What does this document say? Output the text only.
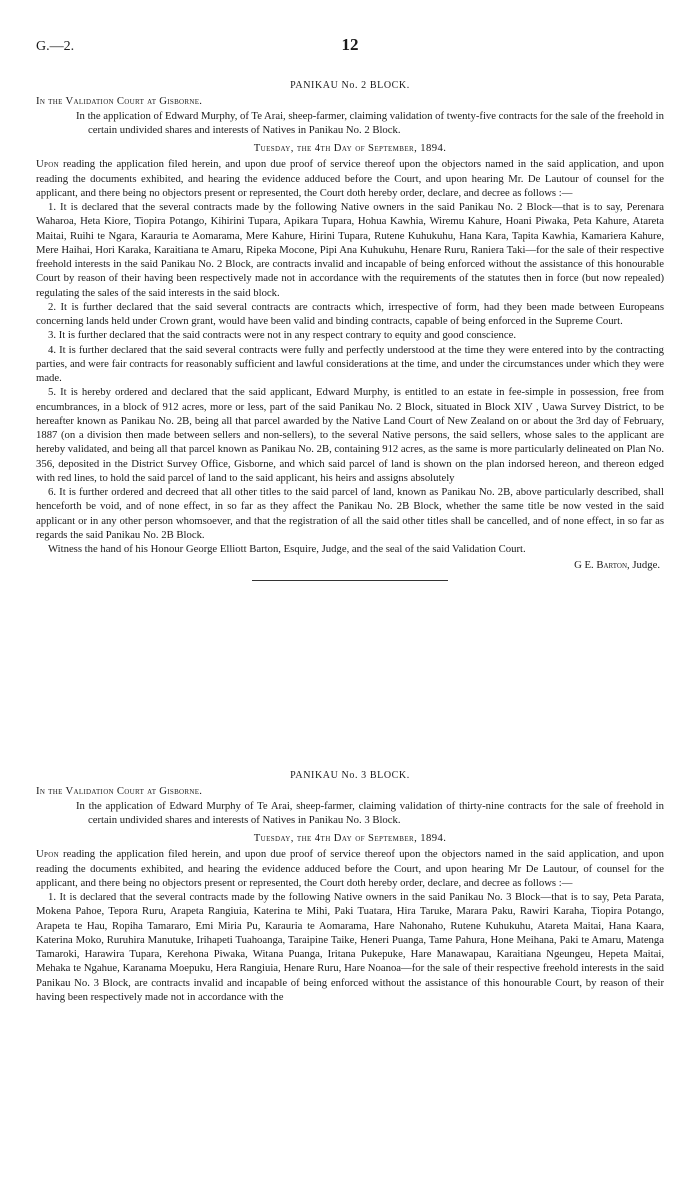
G.—2.	12

PANIKAU No. 2 BLOCK.

In the Validation Court at Gisborne.

In the application of Edward Murphy, of Te Arai, sheep-farmer, claiming validation of twenty-five contracts for the sale of the freehold in certain undivided shares and interests of Natives in Panikau No. 2 Block.

Tuesday, the 4th Day of September, 1894.

Upon reading the application filed herein, and upon due proof of service thereof upon the objectors named in the said application, and upon reading the documents exhibited, and hearing the evidence adduced before the Court, and upon hearing Mr. De Lautour of counsel for the applicant, and there being no objectors present or represented, the Court doth hereby order, declare, and decree as follows :—

1. It is declared that the several contracts made by the following Native owners in the said Panikau No. 2 Block—that is to say, Perenara Waharoa, Heta Kiore, Tiopira Potango, Kihirini Tupara, Apikara Tupara, Hohua Kawhia, Wiremu Kahure, Hoani Piwaka, Peta Kahure, Atareta Maitai, Ruihi te Ngara, Karauria te Aomarama, Mere Kahure, Hirini Tupara, Rutene Kuhukuhu, Hana Kara, Tapita Kawhia, Kamariera Kahure, Mere Haihai, Hori Karaka, Karaitiana te Amaru, Ripeka Mocone, Pipi Ana Kuhukuhu, Henare Ruru, Raniera Taki—for the sale of their respective freehold interests in the said Panikau No. 2 Block, are contracts invalid and incapable of being enforced without the assistance of this honourable Court by reason of their having been respectively made not in accordance with the requirements of the statutes then in force (but now repealed) regulating the sales of the said interests in the said block.

2. It is further declared that the said several contracts are contracts which, irrespective of form, had they been made between Europeans concerning lands held under Crown grant, would have been valid and binding contracts, capable of being enforced in the Supreme Court.

3. It is further declared that the said contracts were not in any respect contrary to equity and good conscience.

4. It is further declared that the said several contracts were fully and perfectly understood at the time they were entered into by the contracting parties, and were fair contracts for reasonably sufficient and lawful considerations at the time, and under the circumstances under which they were made.

5. It is hereby ordered and declared that the said applicant, Edward Murphy, is entitled to an estate in fee-simple in possession, free from encumbrances, in a block of 912 acres, more or less, part of the said Panikau No. 2 Block, situated in Block XIV , Uawa Survey District, to be hereafter known as Panikau No. 2B, being all that parcel awarded by the Native Land Court of New Zealand on or about the 3rd day of February, 1887 (on a division then made between sellers and non-sellers), to the several Native persons, the said sellers, whose sales to the applicant are hereby validated, and being all that parcel known as Panikau No. 2B, containing 912 acres, as the same is more particularly delineated on Plan No. 356, deposited in the District Survey Office, Gisborne, and which said parcel of land is shown on the plan indorsed hereon, and thereon edged with red lines, to hold the said parcel of land to the said applicant, his heirs and assigns absolutely

6. It is further ordered and decreed that all other titles to the said parcel of land, known as Panikau No. 2B, above particularly described, shall henceforth be void, and of none effect, in so far as they affect the Panikau No. 2B Block, whether the same title be now vested in the said applicant or in any other person whomsoever, and that the registration of all the said other titles shall be cancelled, and of none effect, in so far as regards the said Panikau No. 2B Block.

Witness the hand of his Honour George Elliott Barton, Esquire, Judge, and the seal of the said Validation Court.

G E. Barton, Judge.

PANIKAU No. 3 BLOCK.

In the Validation Court at Gisborne.

In the application of Edward Murphy of Te Arai, sheep-farmer, claiming validation of thirty-nine contracts for the sale of freehold in certain undivided shares and interests of Natives in Panikau No. 3 Block.

Tuesday, the 4th Day of September, 1894.

Upon reading the application filed herein, and upon due proof of service thereof upon the objectors named in the said application, and upon reading the documents exhibited, and hearing the evidence adduced before the Court, and upon hearing Mr De Lautour, of counsel for the applicant, and there being no objectors present or represented, the Court doth hereby order, declare, and decree as follows :—

1. It is declared that the several contracts made by the following Native owners in the said Panikau No. 3 Block—that is to say, Peta Parata, Mokena Pahoe, Tepora Ruru, Arapeta Rangiuia, Katerina te Mihi, Paki Tuatara, Hira Taruke, Marara Paku, Rawiri Karaha, Tiopira Potango, Arapeta te Hau, Ropiha Tamararo, Emi Miria Pu, Karauria te Aomarama, Hare Nahonaho, Rutene Kuhukuhu, Atareta Maitai, Hana Kaara, Katerina Moko, Ruruhira Manutuke, Irihapeti Tuahoanga, Taraipine Taike, Heneri Puanga, Tame Pahura, Hone Meihana, Paki te Amaru, Matenga Tamaroki, Harawira Tupara, Kerehona Piwaka, Witana Puanga, Iritana Pukepuke, Hare Manawapau, Karaitiana Ngeungeu, Hepeta Maitai, Mehaka te Ngahue, Karanama Moepuku, Hera Rangiuia, Henare Ruru, Hare Noanoa—for the sale of their respective freehold interests in the said Panikau No. 3 Block, are contracts invalid and incapable of being enforced without the assistance of this honourable Court, by reason of their having been respectively made not in accordance with the
